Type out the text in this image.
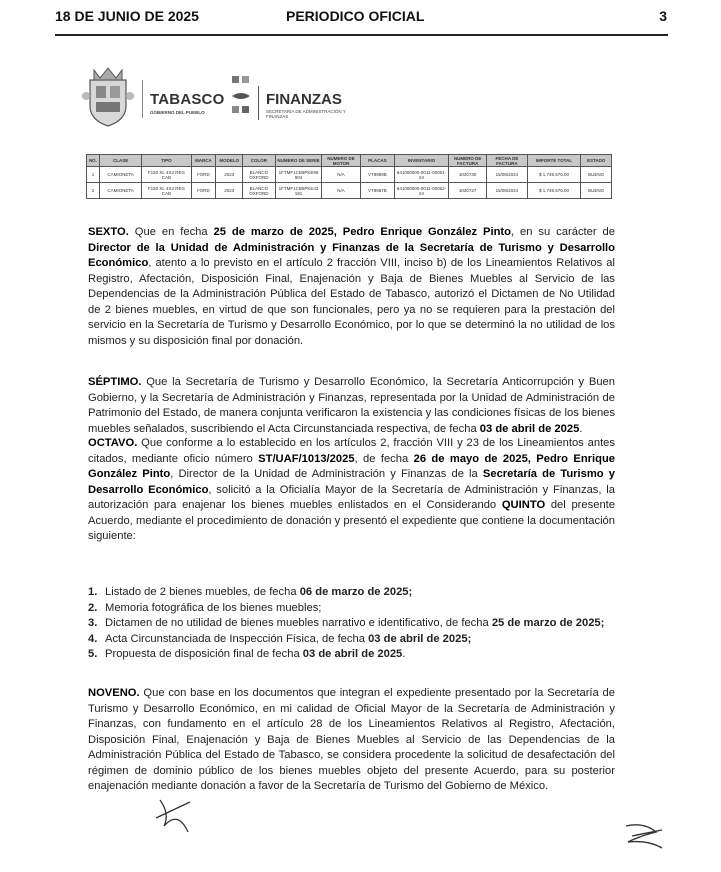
18 DE JUNIO DE 2025	PERIODICO OFICIAL	3
TABASCO
GOBIERNO DEL PUEBLO
FINANZAS
SECRETARÍA DE ADMINISTRACIÓN Y FINANZAS
NO.	CLASE	TIPO	MARCA	MODELO	COLOR	NUMERO DE SERIE	NUMERO DE MOTOR	PLACAS	INVENTARIO	NUMERO DE FACTURA	FECHA DE FACTURA	IMPORTE TOTAL	ESTADO
1	CAMIONETA	F150 XL 4X2 REG CAB	FORD	2023	BLANCO OXFORD	1FTMF1CB9PKE98 904	N/A	VT8969B	641000000-0011-00061-24	1030730	15/08/2024	$ 1,749,576.00	BUENO
2	CAMIONETA	F150 XL 4X2 REG CAB	FORD	2023	BLANCO OXFORD	1FTMF1CB5PKE43 181	N/A	VT8967B	641000000-0011-00062-24	1030727	15/08/2024	$ 1,749,576.00	BUENO
SEXTO. Que en fecha 25 de marzo de 2025, Pedro Enrique González Pinto, en su carácter de Director de la Unidad de Administración y Finanzas de la Secretaría de Turismo y Desarrollo Económico, atento a lo previsto en el artículo 2 fracción VIII, inciso b) de los Lineamientos Relativos al Registro, Afectación, Disposición Final, Enajenación y Baja de Bienes Muebles al Servicio de las Dependencias de la Administración Pública del Estado de Tabasco, autorizó el Dictamen de No Utilidad de 2 bienes muebles, en virtud de que son funcionales, pero ya no se requieren para la prestación del servicio en la Secretaría de Turismo y Desarrollo Económico, por lo que se determinó la no utilidad de los mismos y su disposición final por donación.
SÉPTIMO. Que la Secretaría de Turismo y Desarrollo Económico, la Secretaría Anticorrupción y Buen Gobierno, y la Secretaría de Administración y Finanzas, representada por la Unidad de Administración de Patrimonio del Estado, de manera conjunta verificaron la existencia y las condiciones físicas de los bienes muebles señalados, suscribiendo el Acta Circunstanciada respectiva, de fecha 03 de abril de 2025.
OCTAVO. Que conforme a lo establecido en los artículos 2, fracción VIII y 23 de los Lineamientos antes citados, mediante oficio número ST/UAF/1013/2025, de fecha 26 de mayo de 2025, Pedro Enrique González Pinto, Director de la Unidad de Administración y Finanzas de la Secretaría de Turismo y Desarrollo Económico, solicitó a la Oficialía Mayor de la Secretaría de Administración y Finanzas, la autorización para enajenar los bienes muebles enlistados en el Considerando QUINTO del presente Acuerdo, mediante el procedimiento de donación y presentó el expediente que contiene la documentación siguiente:
1. Listado de 2 bienes muebles, de fecha 06 de marzo de 2025;
2. Memoria fotográfica de los bienes muebles;
3. Dictamen de no utilidad de bienes muebles narrativo e identificativo, de fecha 25 de marzo de 2025;
4. Acta Circunstanciada de Inspección Física, de fecha 03 de abril de 2025;
5. Propuesta de disposición final de fecha 03 de abril de 2025.
NOVENO. Que con base en los documentos que integran el expediente presentado por la Secretaría de Turismo y Desarrollo Económico, en mi calidad de Oficial Mayor de la Secretaría de Administración y Finanzas, con fundamento en el artículo 28 de los Lineamientos Relativos al Registro, Afectación, Disposición Final, Enajenación y Baja de Bienes Muebles al Servicio de las Dependencias de la Administración Pública del Estado de Tabasco, se considera procedente la solicitud de desafectación del régimen de dominio público de los bienes muebles objeto del presente Acuerdo, para su posterior enajenación mediante donación a favor de la Secretaría de Turismo del Gobierno de México.
